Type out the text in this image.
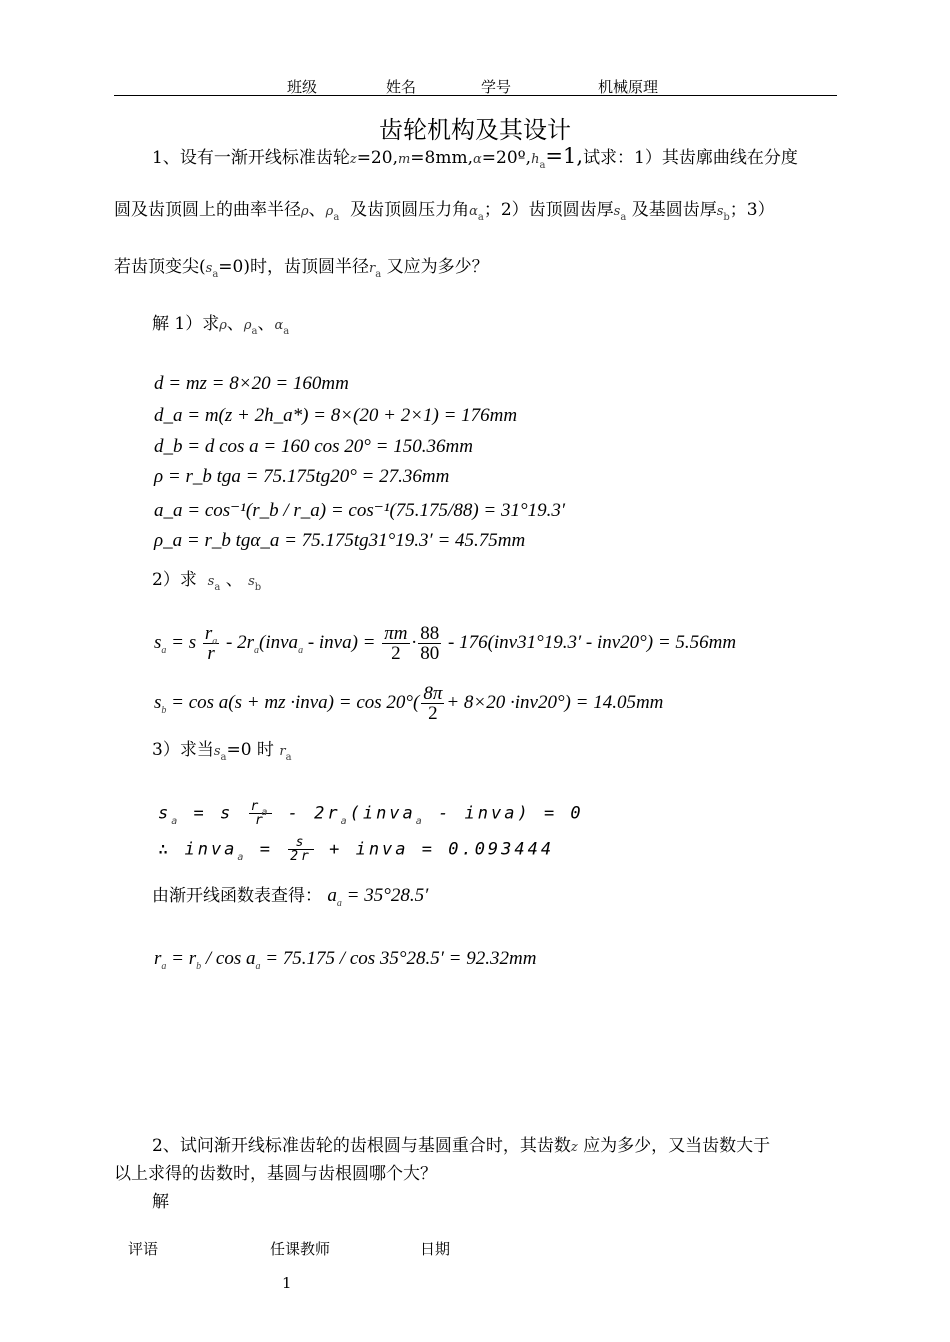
班级	姓名	学号	机械原理
齿轮机构及其设计
1、设有一渐开线标准齿轮$z=20,m=8mm,\alpha=20º,h_a=1$,试求：1）其齿廓曲线在分度
圆及齿顶圆上的曲率半径ρ、$\rho_a$ 及齿顶圆压力角$\alpha_a$；2）齿顶圆齿厚$s_a$ 及基圆齿厚$s_b$；3）
若齿顶变尖$(s_a=0)$时，齿顶圆半径$r_a$ 又应为多少？
解 1）求ρ、$\rho_a$、$\alpha_a$
d = mz = 8×20 = 160mm
d_a = m(z + 2h_a*) = 8×(20 + 2×1) = 176mm
d_b = d cos a = 160 cos 20° = 150.36mm
ρ = r_b tga = 75.175tg20° = 27.36mm
a_a = cos⁻¹(r_b / r_a) = cos⁻¹(75.175/88) = 31°19.3′
ρ_a = r_b tgα_a = 75.175tg31°19.3′ = 45.75mm
2）求 $s_a$ 、 $s_b$
$s_a = s \frac{r_a}{r}$ - $2r_a(inva_a$ - inva) = $\frac{\pi m}{2} \cdot \frac{88}{80} - 176(inv31^\circ 19.3' - inv20^\circ) = 5.56mm$
$s_b = \cos a(s$ + mz ·inva) = $\cos 20^\circ( \frac{8\pi}{2} + 8\times 20 \cdot inv20^\circ) = 14.05mm$
3）求当$s_a=0$ 时 $r_a$
$s_a = s \frac{r_a}{r}$ - $2r_a(inva_a$ - inva) = 0
∴ inva$_a$ = $\frac{s}{2r}$ + inva = 0.093444
由渐开线函数表查得： $a_a = 35^\circ 28.5'$
$r_a = r_b / \cos a_a = 75.175 / \cos 35^\circ 28.5' = 92.32mm$
2、试问渐开线标准齿轮的齿根圆与基圆重合时，其齿数z 应为多少，又当齿数大于
以上求得的齿数时，基圆与齿根圆哪个大？
解
评语	任课教师	日期
1
